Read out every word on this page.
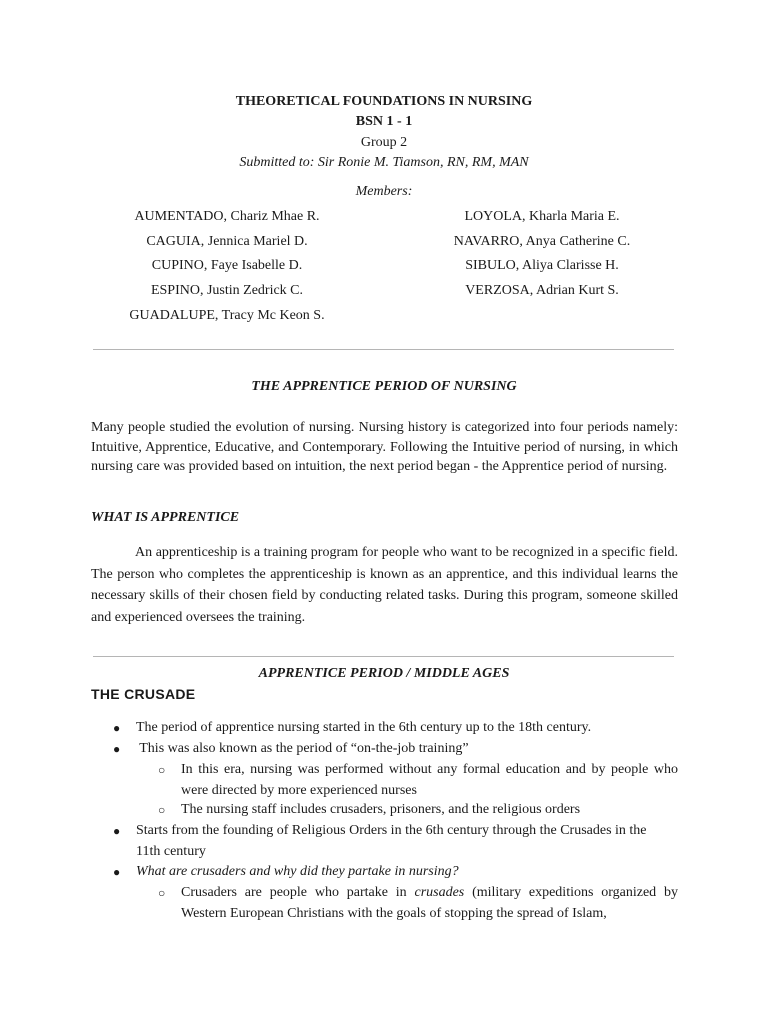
THEORETICAL FOUNDATIONS IN NURSING
BSN 1 - 1
Group 2
Submitted to: Sir Ronie M. Tiamson, RN, RM, MAN
Members:
AUMENTADO, Chariz Mhae R.
CAGUIA, Jennica Mariel D.
CUPINO, Faye Isabelle D.
ESPINO, Justin Zedrick C.
GUADALUPE, Tracy Mc Keon S.
LOYOLA, Kharla Maria E.
NAVARRO, Anya Catherine C.
SIBULO, Aliya Clarisse H.
VERZOSA, Adrian Kurt S.
THE APPRENTICE PERIOD OF NURSING
Many people studied the evolution of nursing. Nursing history is categorized into four periods namely: Intuitive, Apprentice, Educative, and Contemporary. Following the Intuitive period of nursing, in which nursing care was provided based on intuition, the next period began - the Apprentice period of nursing.
WHAT IS APPRENTICE
An apprenticeship is a training program for people who want to be recognized in a specific field. The person who completes the apprenticeship is known as an apprentice, and this individual learns the necessary skills of their chosen field by conducting related tasks. During this program, someone skilled and experienced oversees the training.
APPRENTICE PERIOD / MIDDLE AGES
THE CRUSADE
● The period of apprentice nursing started in the 6th century up to the 18th century.
● This was also known as the period of “on-the-job training”
○ In this era, nursing was performed without any formal education and by people who were directed by more experienced nurses
○ The nursing staff includes crusaders, prisoners, and the religious orders
● Starts from the founding of Religious Orders in the 6th century through the Crusades in the 11th century
● What are crusaders and why did they partake in nursing?
○ Crusaders are people who partake in crusades (military expeditions organized by Western European Christians with the goals of stopping the spread of Islam,
